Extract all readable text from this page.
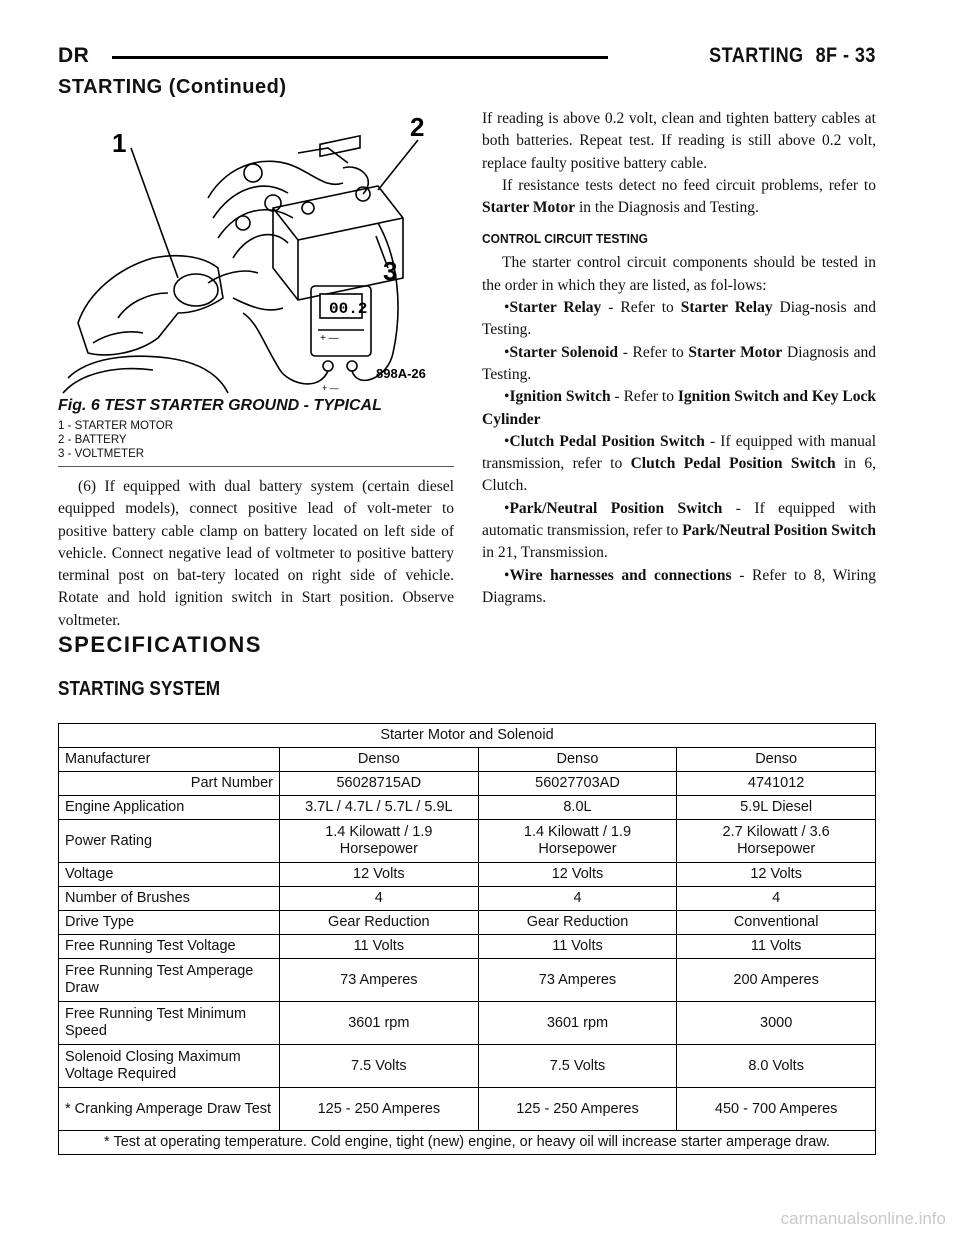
DR	STARTING 8F - 33
STARTING (Continued)
1
2
3
00.2
+ —
+ —
898A-26
Fig. 6 TEST STARTER GROUND - TYPICAL
1 - STARTER MOTOR
2 - BATTERY
3 - VOLTMETER

(6) If equipped with dual battery system (certain diesel equipped models), connect positive lead of volt-meter to positive battery cable clamp on battery located on left side of vehicle. Connect negative lead of voltmeter to positive battery terminal post on bat-tery located on right side of vehicle. Rotate and hold ignition switch in Start position. Observe voltmeter.

If reading is above 0.2 volt, clean and tighten battery cables at both batteries. Repeat test. If reading is still above 0.2 volt, replace faulty positive battery cable.

If resistance tests detect no feed circuit problems, refer to Starter Motor in the Diagnosis and Testing.

CONTROL CIRCUIT TESTING

The starter control circuit components should be tested in the order in which they are listed, as fol-lows:

•Starter Relay - Refer to Starter Relay Diag-nosis and Testing.

•Starter Solenoid - Refer to Starter Motor Diagnosis and Testing.

•Ignition Switch - Refer to Ignition Switch and Key Lock Cylinder

•Clutch Pedal Position Switch - If equipped with manual transmission, refer to Clutch Pedal Position Switch in 6, Clutch.

•Park/Neutral Position Switch - If equipped with automatic transmission, refer to Park/Neutral Position Switch in 21, Transmission.

•Wire harnesses and connections - Refer to 8, Wiring Diagrams.

SPECIFICATIONS
STARTING SYSTEM
Starter Motor and Solenoid			
Manufacturer	Denso	Denso	Denso
Part Number	56028715AD	56027703AD	4741012
Engine Application	3.7L / 4.7L / 5.7L / 5.9L	8.0L	5.9L Diesel
Power Rating	1.4 Kilowatt / 1.9 Horsepower	1.4 Kilowatt / 1.9 Horsepower	2.7 Kilowatt / 3.6 Horsepower
Voltage	12 Volts	12 Volts	12 Volts
Number of Brushes	4	4	4
Drive Type	Gear Reduction	Gear Reduction	Conventional
Free Running Test Voltage	11 Volts	11 Volts	11 Volts
Free Running Test Amperage Draw	73 Amperes	73 Amperes	200 Amperes
Free Running Test Minimum Speed	3601 rpm	3601 rpm	3000
Solenoid Closing Maximum Voltage Required	7.5 Volts	7.5 Volts	8.0 Volts
* Cranking Amperage Draw Test	125 - 250 Amperes	125 - 250 Amperes	450 - 700 Amperes
* Test at operating temperature. Cold engine, tight (new) engine, or heavy oil will increase starter amperage draw.			
carmanualsonline.info
